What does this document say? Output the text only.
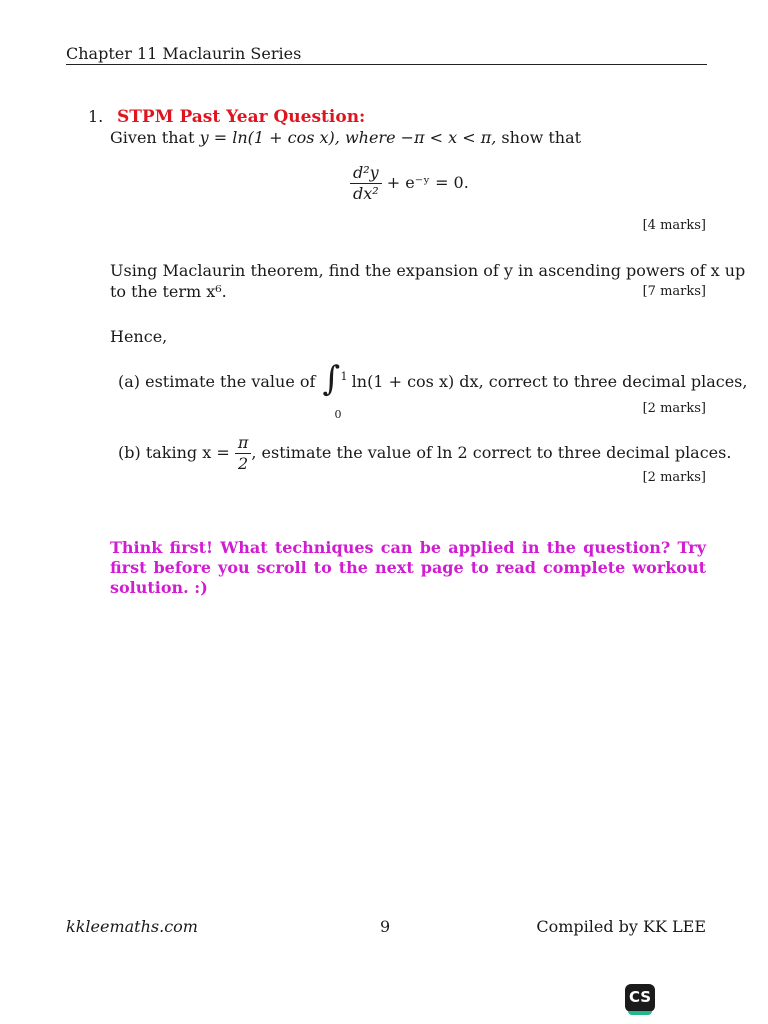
Chapter 11 Maclaurin Series
1. STPM Past Year Question:
Given that y = ln(1 + cos x), where −π < x < π, show that
$\frac{\text{d²y}}{\text{dx²}}$ + e⁻ʸ = 0.
[4 marks]
Using Maclaurin theorem, find the expansion of y in ascending powers of x up
to the term x⁶.	[7 marks]
Hence,
(a) estimate the value of ∫ 1
0
ln(1 + cos x) dx, correct to three decimal places,
[2 marks]
(b) taking $x = \frac{\pi}{2}$ , estimate the value of ln 2 correct to three decimal places.
[2 marks]
Think first! What techniques can be applied in the question? Try first before you scroll to the next page to read complete workout solution. :)
kkleemaths.com	9	Compiled by KK LEE
CS
